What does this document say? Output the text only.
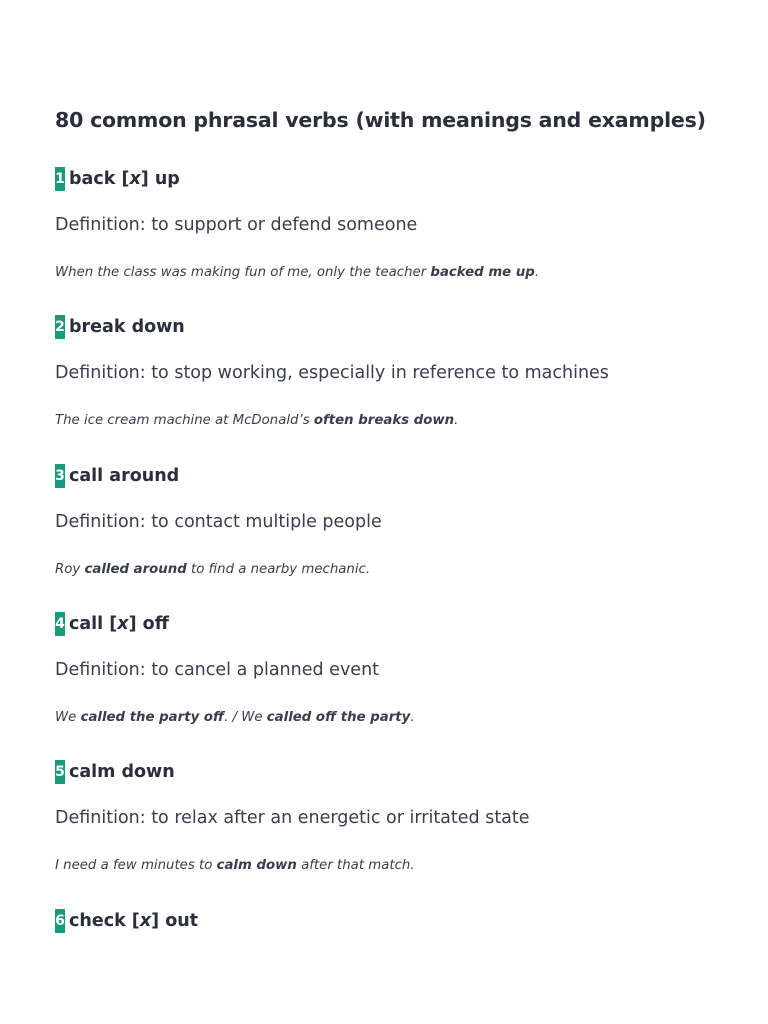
80 common phrasal verbs (with meanings and examples)
1 back [x] up
Definition: to support or defend someone
When the class was making fun of me, only the teacher backed me up.
2 break down
Definition: to stop working, especially in reference to machines
The ice cream machine at McDonald’s often breaks down.
3 call around
Definition: to contact multiple people
Roy called around to find a nearby mechanic.
4 call [x] off
Definition: to cancel a planned event
We called the party off. / We called off the party.
5 calm down
Definition: to relax after an energetic or irritated state
I need a few minutes to calm down after that match.
6 check [x] out
